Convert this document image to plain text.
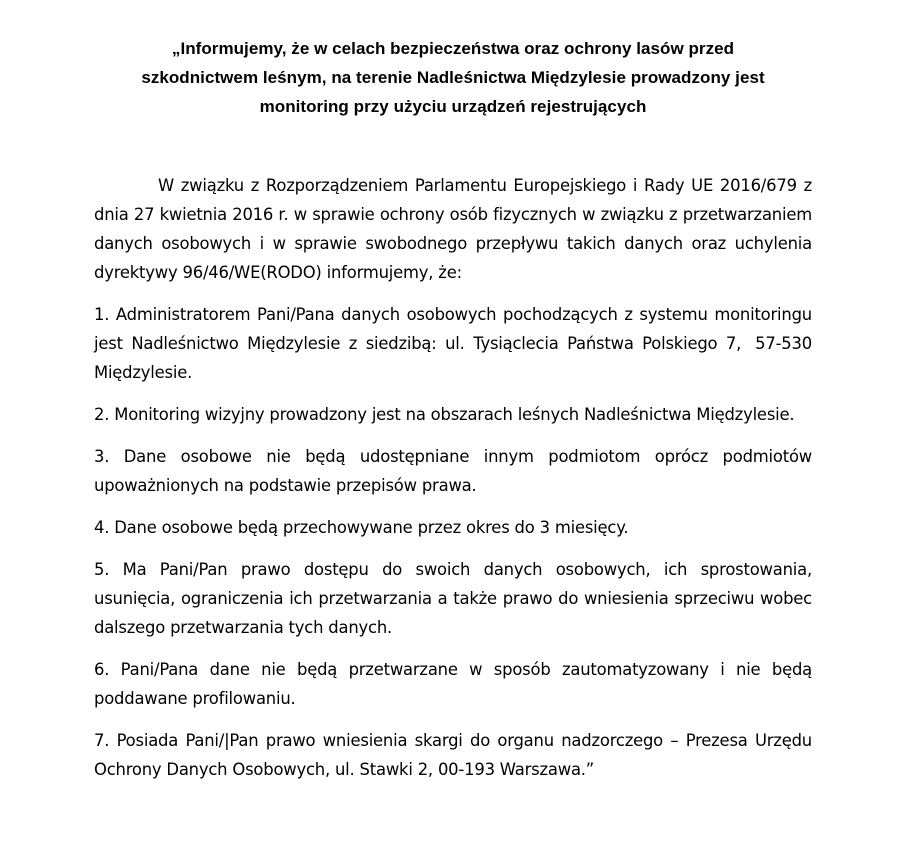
„Informujemy, że w celach bezpieczeństwa oraz ochrony lasów przed
szkodnictwem leśnym, na terenie Nadleśnictwa Międzylesie prowadzony jest
monitoring przy użyciu urządzeń rejestrujących

W związku z Rozporządzeniem Parlamentu Europejskiego i Rady UE 2016/679 z dnia 27 kwietnia 2016 r. w sprawie ochrony osób fizycznych w związku z przetwarzaniem danych osobowych i w sprawie swobodnego przepływu takich danych oraz uchylenia dyrektywy 96/46/WE(RODO) informujemy, że:

1. Administratorem Pani/Pana danych osobowych pochodzących z systemu monitoringu jest Nadleśnictwo Międzylesie z siedzibą: ul. Tysiąclecia Państwa Polskiego 7, 57-530 Międzylesie.

2. Monitoring wizyjny prowadzony jest na obszarach leśnych Nadleśnictwa Międzylesie.

3. Dane osobowe nie będą udostępniane innym podmiotom oprócz podmiotów upoważnionych na podstawie przepisów prawa.

4. Dane osobowe będą przechowywane przez okres do 3 miesięcy.

5. Ma Pani/Pan prawo dostępu do swoich danych osobowych, ich sprostowania, usunięcia, ograniczenia ich przetwarzania a także prawo do wniesienia sprzeciwu wobec dalszego przetwarzania tych danych.

6. Pani/Pana dane nie będą przetwarzane w sposób zautomatyzowany i nie będą poddawane profilowaniu.

7. Posiada Pani/|Pan prawo wniesienia skargi do organu nadzorczego – Prezesa Urzędu Ochrony Danych Osobowych, ul. Stawki 2, 00-193 Warszawa.”
